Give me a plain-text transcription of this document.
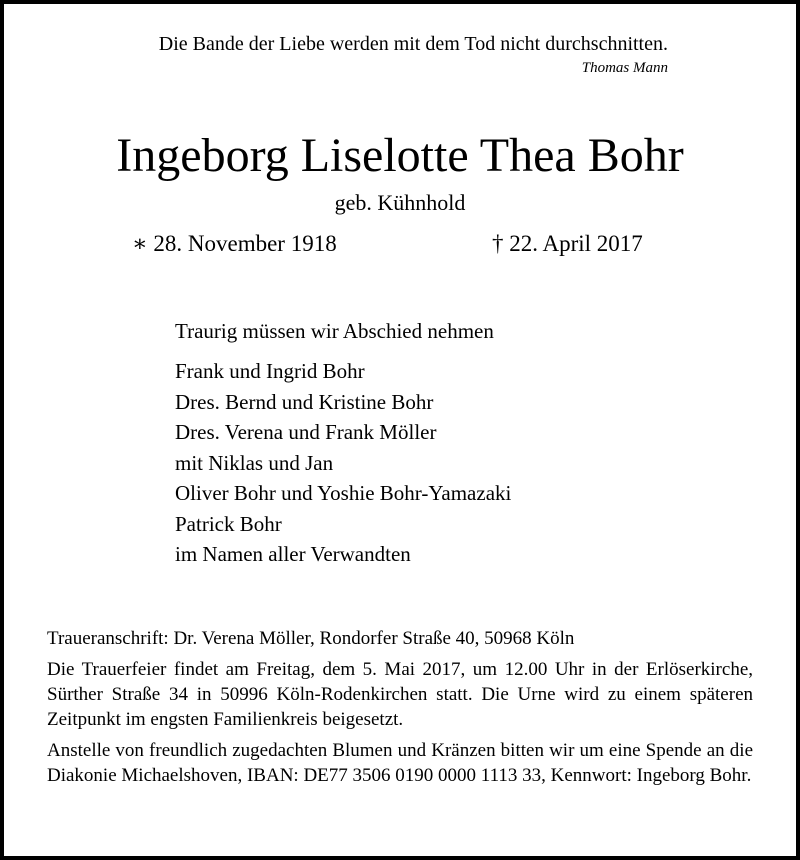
Die Bande der Liebe werden mit dem Tod nicht durchschnitten.
Thomas Mann
Ingeborg Liselotte Thea Bohr
geb. Kühnhold
∗ 28. November 1918	† 22. April 2017
Traurig müssen wir Abschied nehmen
Frank und Ingrid Bohr
Dres. Bernd und Kristine Bohr
Dres. Verena und Frank Möller
mit Niklas und Jan
Oliver Bohr und Yoshie Bohr-Yamazaki
Patrick Bohr
im Namen aller Verwandten

Traueranschrift: Dr. Verena Möller, Rondorfer Straße 40, 50968 Köln

Die Trauerfeier findet am Freitag, dem 5. Mai 2017, um 12.00 Uhr in der Erlöserkirche, Sürther Straße 34 in 50996 Köln-Rodenkirchen statt. Die Urne wird zu einem späteren Zeitpunkt im engsten Familienkreis beigesetzt.

Anstelle von freundlich zugedachten Blumen und Kränzen bitten wir um eine Spende an die Diakonie Michaelshoven, IBAN: DE77 3506 0190 0000 1113 33, Kennwort: Ingeborg Bohr.
